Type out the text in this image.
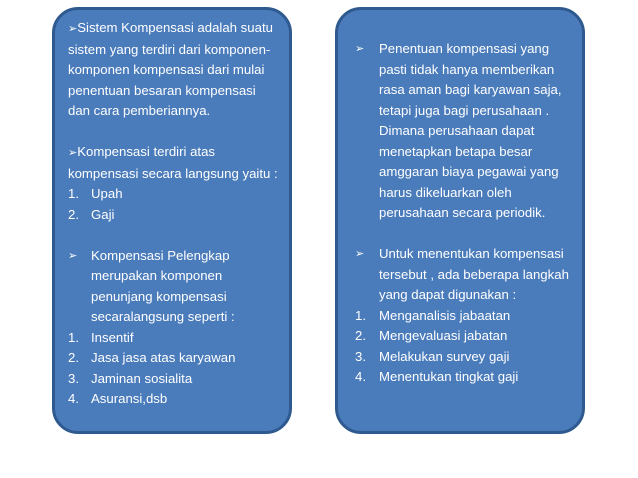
➢ Sistem Kompensasi adalah suatu sistem yang terdiri dari komponen-komponen kompensasi dari mulai penentuan besaran kompensasi dan cara pemberiannya.

➢ Kompensasi terdiri atas kompensasi secara langsung yaitu :

1. Upah
2. Gaji
➢	Kompensasi Pelengkap merupakan komponen penunjang kompensasi secaralangsung seperti :
1. Insentif
2. Jasa jasa atas karyawan
3. Jaminan sosialita
4. Asuransi,dsb
➢	Penentuan kompensasi yang pasti tidak hanya memberikan rasa aman bagi karyawan saja, tetapi juga bagi perusahaan . Dimana perusahaan dapat menetapkan betapa besar amggaran biaya pegawai yang harus dikeluarkan oleh perusahaan secara periodik.
➢	Untuk menentukan kompensasi tersebut , ada beberapa langkah yang dapat digunakan :
1. Menganalisis jabaatan
2. Mengevaluasi jabatan
3. Melakukan survey gaji
4. Menentukan tingkat gaji
